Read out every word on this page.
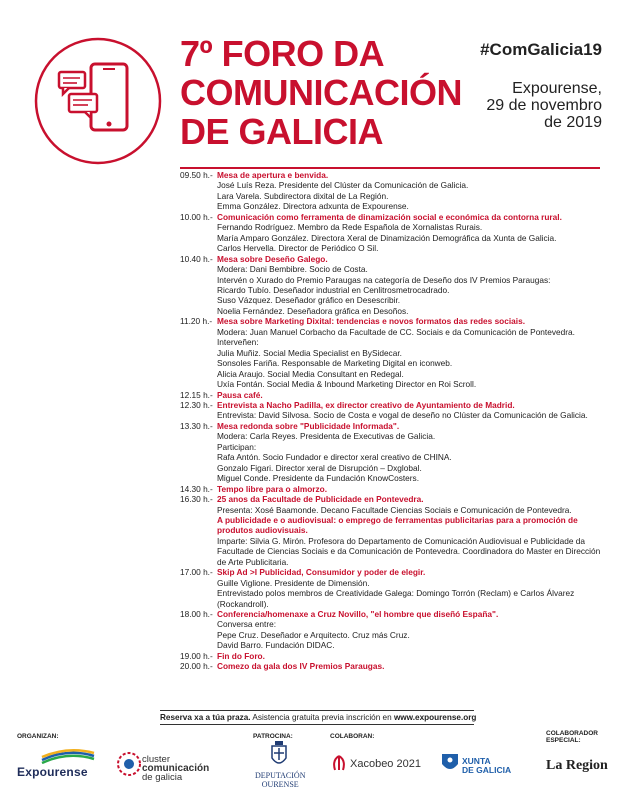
7º FORO DA
COMUNICACIÓN
DE GALICIA
#ComGalicia19
Expourense,
29 de novembro
de 2019
09.50 h.- Mesa de apertura e benvida.
José Luís Reza. Presidente del Clúster da Comunicación de Galicia.
Lara Varela. Subdirectora dixital de La Región.
Emma González. Directora adxunta de Expourense.
10.00 h.- Comunicación como ferramenta de dinamización social e económica da contorna rural.
Fernando Rodríguez. Membro da Rede Española de Xornalistas Rurais.
María Amparo González. Directora Xeral de Dinamización Demográfica da Xunta de Galicia.
Carlos Hervella. Director de Periódico O Sil.
10.40 h.- Mesa sobre Deseño Galego.
Modera: Dani Bembibre. Socio de Costa.
Intervén o Xurado do Premio Paraugas na categoría de Deseño dos IV Premios Paraugas:
Ricardo Tubío. Deseñador industrial en Cenlitrosmetrocadrado.
Suso Vázquez. Deseñador gráfico en Desescribir.
Noelia Fernández. Deseñadora gráfica en Desoños.
11.20 h.- Mesa sobre Marketing Dixital: tendencias e novos formatos das redes sociais.
Modera: Juan Manuel Corbacho da Facultade de CC. Sociais e da Comunicación de Pontevedra.
Interveñen:
Julia Muñiz. Social Media Specialist en BySidecar.
Sonsoles Fariña. Responsable de Marketing Digital en iconweb.
Alicia Araujo. Social Media Consultant en Redegal.
Uxía Fontán. Social Media & Inbound Marketing Director en Roi Scroll.
12.15 h.- Pausa café.
12.30 h.- Entrevista a Nacho Padilla, ex director creativo de Ayuntamiento de Madrid.
Entrevista: David Silvosa. Socio de Costa e vogal de deseño no Clúster da Comunicación de Galicia.
13.30 h.- Mesa redonda sobre "Publicidade Informada".
Modera: Carla Reyes. Presidenta de Executivas de Galicia.
Participan:
Rafa Antón. Socio Fundador e director xeral creativo de CHINA.
Gonzalo Figari. Director xeral de Disrupción – Dxglobal.
Miguel Conde. Presidente da Fundación KnowCosters.
14.30 h.- Tempo libre para o almorzo.
16.30 h.- 25 anos da Facultade de Publicidade en Pontevedra.
Presenta: Xosé Baamonde. Decano Facultade Ciencias Sociais e Comunicación de Pontevedra.
A publicidade e o audiovisual: o emprego de ferramentas publicitarias para a promoción de produtos audiovisuais.
Imparte: Silvia G. Mirón. Profesora do Departamento de Comunicación Audiovisual e Publicidade da Facultade de Ciencias Sociais e da Comunicación de Pontevedra. Coordinadora do Master en Dirección de Arte Publicitaria.
17.00 h.- Skip Ad >I Publicidad, Consumidor y poder de elegir.
Guille Viglione. Presidente de Dimensión.
Entrevistado polos membros de Creatividade Galega: Domingo Torrón (Reclam) e Carlos Álvarez (Rockandroll).
18.00 h.- Conferencia/homenaxe a Cruz Novillo, "el hombre que diseñó España".
Conversa entre:
Pepe Cruz. Deseñador e Arquitecto. Cruz más Cruz.
David Barro. Fundación DIDAC.
19.00 h.- Fin do Foro.
20.00 h.- Comezo da gala dos IV Premios Paraugas.
Reserva xa a túa praza. Asistencia gratuita previa inscrición en www.expourense.org
ORGANIZAN:	PATROCINA:	COLABORAN:	COLABORADOR
ESPECIAL:
Expourense
cluster
comunicación
de galicia	DEPUTACIÓN
OURENSE
Xacobeo 2021	XUNTA
DE GALICIA La Region
